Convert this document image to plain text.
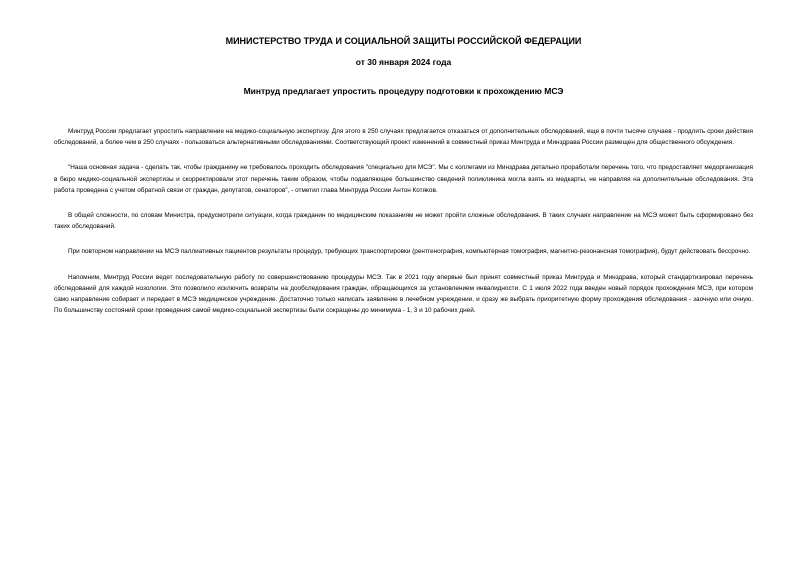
МИНИСТЕРСТВО ТРУДА И СОЦИАЛЬНОЙ ЗАЩИТЫ РОССИЙСКОЙ ФЕДЕРАЦИИ
от 30 января 2024 года
Минтруд предлагает упростить процедуру подготовки к прохождению МСЭ

Минтруд России предлагает упростить направление на медико-социальную экспертизу. Для этого в 250 случаях предлагается отказаться от дополнительных обследований, еще в почти тысяче случаев - продлить сроки действия обследований, а более чем в 250 случаях - пользоваться альтернативными обследованиями. Соответствующий проект изменений в совместный приказ Минтруда и Минздрава России размещен для общественного обсуждения.

"Наша основная задача - сделать так, чтобы гражданину не требовалось проходить обследования "специально для МСЭ". Мы с коллегами из Минздрава детально проработали перечень того, что предоставляет медорганизация в бюро медико-социальной экспертизы и скорректировали этот перечень таким образом, чтобы подавляющее большинство сведений поликлиника могла взять из медкарты, не направляя на дополнительные обследования. Эта работа проведена с учетом обратной связи от граждан, депутатов, сенаторов", - отметил глава Минтруда России Антон Котяков.

В общей сложности, по словам Министра, предусмотрели ситуации, когда гражданин по медицинским показаниям не может пройти сложные обследования. В таких случаях направление на МСЭ может быть сформировано без таких обследований.

При повторном направлении на МСЭ паллиативных пациентов результаты процедур, требующих транспортировки (рентгенография, компьютерная томография, магнитно-резонансная томография), будут действовать бессрочно.

Напомним, Минтруд России ведет последовательную работу по совершенствованию процедуры МСЭ. Так в 2021 году впервые был принят совместный приказ Минтруда и Минздрава, который стандартизировал перечень обследований для каждой нозологии. Это позволило исключить возвраты на дообследования граждан, обращающихся за установлением инвалидности. С 1 июля 2022 года введен новый порядок прохождения МСЭ, при котором само направление собирает и передает в МСЭ медицинское учреждение. Достаточно только написать заявление в лечебном учреждении, и сразу же выбрать приоритетную форму прохождения обследования - заочную или очную. По большинству состояний сроки проведения самой медико-социальной экспертизы были сокращены до минимума - 1, 3 и 10 рабочих дней.
